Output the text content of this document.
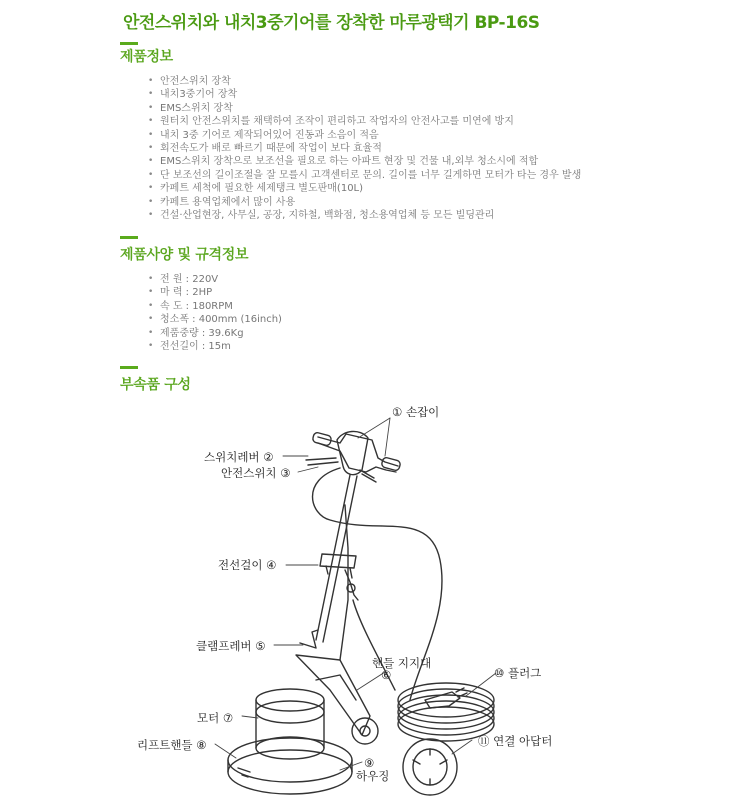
안전스위치와 내치3중기어를 장착한 마루광택기 BP-16S
제품정보
• 안전스위치 장착
• 내치3중기어 장착
• EMS스위치 장착
• 원터치 안전스위치를 채택하여 조작이 편리하고 작업자의 안전사고를 미연에 방지
• 내치 3중 기어로 제작되어있어 진동과 소음이 적음
• 회전속도가 배로 빠르기 때문에 작업이 보다 효율적
• EMS스위치 장착으로 보조선을 필요로 하는 아파트 현장 및 건물 내,외부 청소시에 적합
• 단 보조선의 길이조절을 잘 모를시 고객센터로 문의. 길이를 너무 길게하면 모터가 타는 경우 발생
• 카페트 세척에 필요한 세제탱크 별도판매(10L)
• 카페트 용역업체에서 많이 사용
• 건설·산업현장, 사무실, 공장, 지하철, 백화점, 청소용역업체 등 모든 빌딩관리
제품사양 및 규격정보
• 전 원 : 220V
• 마 력 : 2HP
• 속 도 : 180RPM
• 청소폭 : 400mm (16inch)
• 제품중량 : 39.6Kg
• 전선길이 : 15m
부속품 구성
① 손잡이
스위치레버 ②
안전스위치 ③
전선걸이 ④
클램프레버 ⑤
핸들 지지대
⑥	⑩ 플러그
모터 ⑦
리프트핸들 ⑧	⑪ 연결 아답터
⑨
하우징
